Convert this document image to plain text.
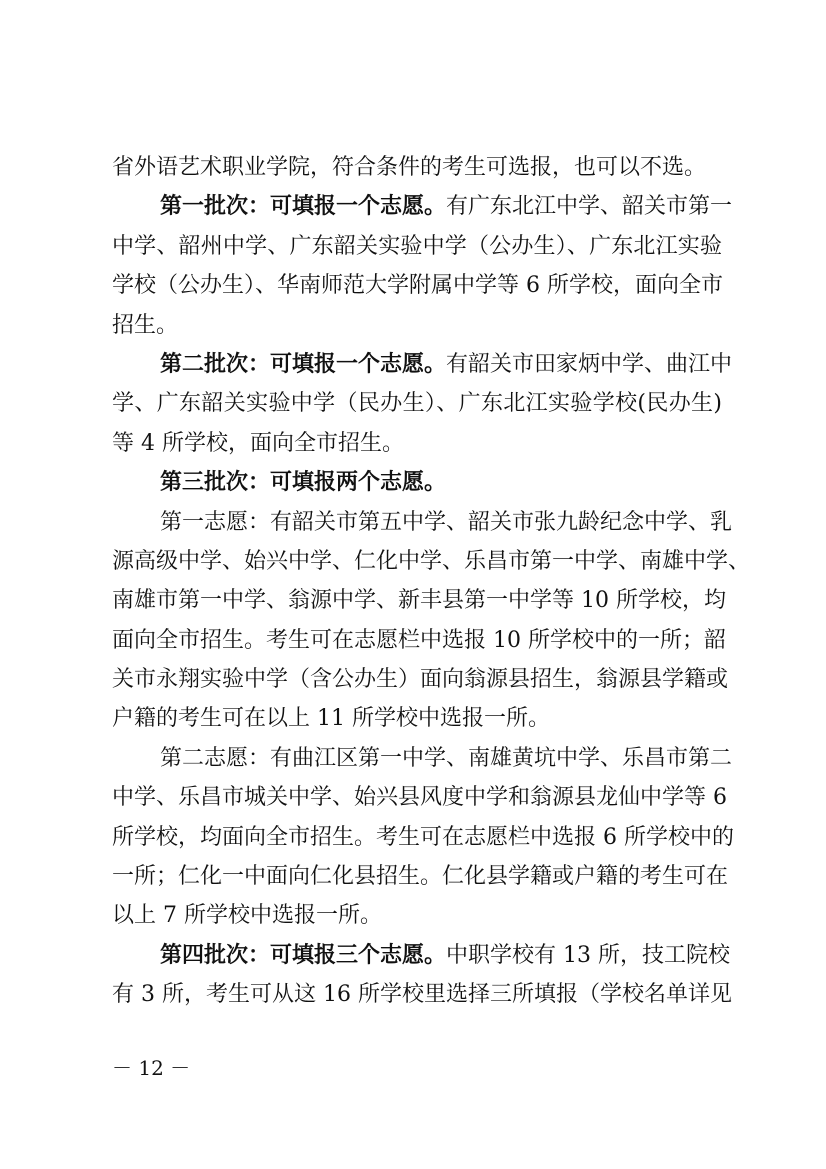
省外语艺术职业学院，符合条件的考生可选报，也可以不选。
第一批次：可填报一个志愿。有广东北江中学、韶关市第一
中学、韶州中学、广东韶关实验中学（公办生）、广东北江实验
学校（公办生）、华南师范大学附属中学等 6 所学校，面向全市
招生。
第二批次：可填报一个志愿。有韶关市田家炳中学、曲江中
学、广东韶关实验中学（民办生）、广东北江实验学校(民办生)
等 4 所学校，面向全市招生。
第三批次：可填报两个志愿。
第一志愿：有韶关市第五中学、韶关市张九龄纪念中学、乳
源高级中学、始兴中学、仁化中学、乐昌市第一中学、南雄中学、
南雄市第一中学、翁源中学、新丰县第一中学等 10 所学校，均
面向全市招生。考生可在志愿栏中选报 10 所学校中的一所；韶
关市永翔实验中学（含公办生）面向翁源县招生，翁源县学籍或
户籍的考生可在以上 11 所学校中选报一所。
第二志愿：有曲江区第一中学、南雄黄坑中学、乐昌市第二
中学、乐昌市城关中学、始兴县风度中学和翁源县龙仙中学等 6
所学校，均面向全市招生。考生可在志愿栏中选报 6 所学校中的
一所；仁化一中面向仁化县招生。仁化县学籍或户籍的考生可在
以上 7 所学校中选报一所。
第四批次：可填报三个志愿。中职学校有 13 所，技工院校
有 3 所，考生可从这 16 所学校里选择三所填报（学校名单详见
－ 12 －
